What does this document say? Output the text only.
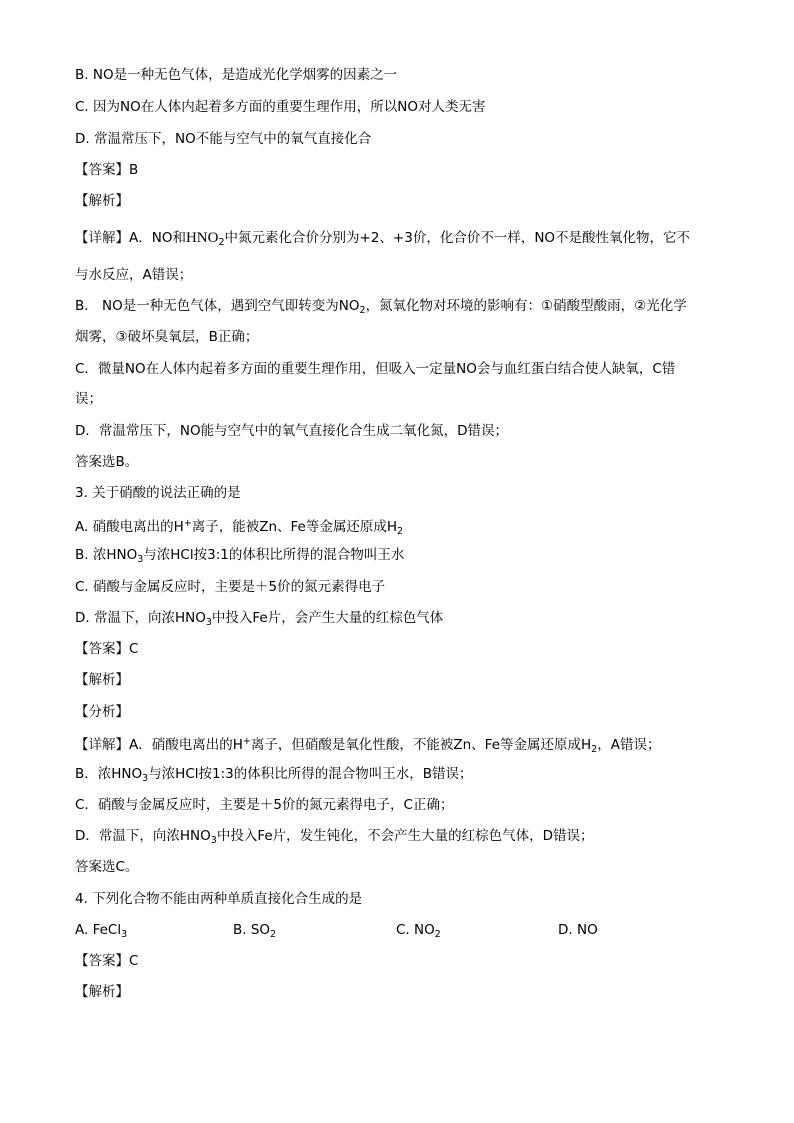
B. NO是一种无色气体，是造成光化学烟雾的因素之一
C. 因为NO在人体内起着多方面的重要生理作用，所以NO对人类无害
D. 常温常压下，NO不能与空气中的氧气直接化合
【答案】B
【解析】
【详解】A．NO和$HNO_2$中氮元素化合价分别为+2、+3价，化合价不一样，NO不是酸性氧化物，它不
与水反应，A错误；
B． NO是一种无色气体，遇到空气即转变为$NO_2$，氮氧化物对环境的影响有：①硝酸型酸雨，②光化学
烟雾，③破坏臭氧层，B正确；
C．微量NO在人体内起着多方面的重要生理作用，但吸入一定量NO会与血红蛋白结合使人缺氧，C错
误；
D．常温常压下，NO能与空气中的氧气直接化合生成二氧化氮，D错误；
答案选B。
3. 关于硝酸的说法正确的是
A. 硝酸电离出的H+离子，能被Zn、Fe等金属还原成$H_2$
B. 浓$HNO_3$与浓HCl按3:1的体积比所得的混合物叫王水
C. 硝酸与金属反应时，主要是＋5价的氮元素得电子
D. 常温下，向浓$HNO_3$中投入Fe片，会产生大量的红棕色气体
【答案】C
【解析】
【分析】
【详解】A．硝酸电离出的H+离子，但硝酸是氧化性酸，不能被Zn、Fe等金属还原成$H_2$，A错误；
B．浓$HNO_3$与浓HCl按1:3的体积比所得的混合物叫王水，B错误；
C．硝酸与金属反应时，主要是＋5价的氮元素得电子，C正确；
D．常温下，向浓$HNO_3$中投入Fe片，发生钝化，不会产生大量的红棕色气体，D错误；
答案选C。
4. 下列化合物不能由两种单质直接化合生成的是
A. FeCl$_3$	B. $SO_2$	C. $NO_2$	D. NO
【答案】C
【解析】
